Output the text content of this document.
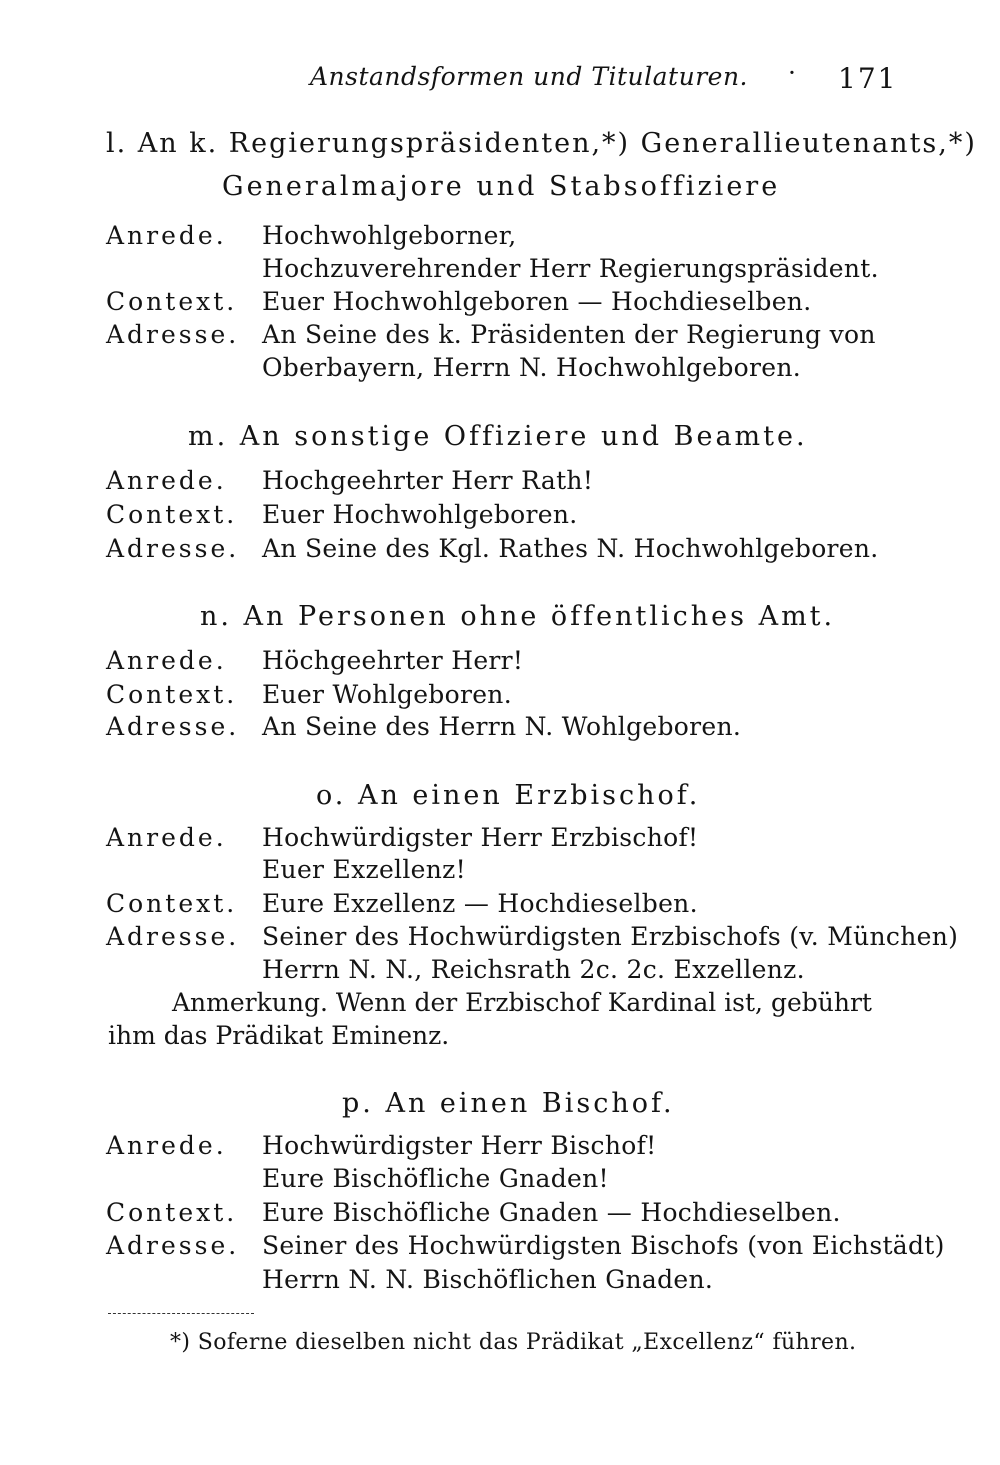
Anstandsformen und Titulaturen. · 171
l. An k. Regierungspräsidenten,*) Generallieutenants,*)
Generalmajore und Stabsoffiziere
Anrede. Hochwohlgeborner,
Hochzuverehrender Herr Regierungspräsident.
Context. Euer Hochwohlgeboren — Hochdieselben.
Adresse. An Seine des k. Präsidenten der Regierung von
Oberbayern, Herrn N. Hochwohlgeboren.
m. An sonstige Offiziere und Beamte.
Anrede. Hochgeehrter Herr Rath!
Context. Euer Hochwohlgeboren.
Adresse. An Seine des Kgl. Rathes N. Hochwohlgeboren.
n. An Personen ohne öffentliches Amt.
Anrede. Höchgeehrter Herr!
Context. Euer Wohlgeboren.
Adresse. An Seine des Herrn N. Wohlgeboren.
o. An einen Erzbischof.
Anrede. Hochwürdigster Herr Erzbischof!
Euer Exzellenz!
Context. Eure Exzellenz — Hochdieselben.
Adresse. Seiner des Hochwürdigsten Erzbischofs (v. München)
Herrn N. N., Reichsrath 2c. 2c. Exzellenz.
Anmerkung. Wenn der Erzbischof Kardinal ist, gebührt
ihm das Prädikat Eminenz.
p. An einen Bischof.
Anrede. Hochwürdigster Herr Bischof!
Eure Bischöfliche Gnaden!
Context. Eure Bischöfliche Gnaden — Hochdieselben.
Adresse. Seiner des Hochwürdigsten Bischofs (von Eichstädt)
Herrn N. N. Bischöflichen Gnaden.
*) Soferne dieselben nicht das Prädikat „Excellenz“ führen.
